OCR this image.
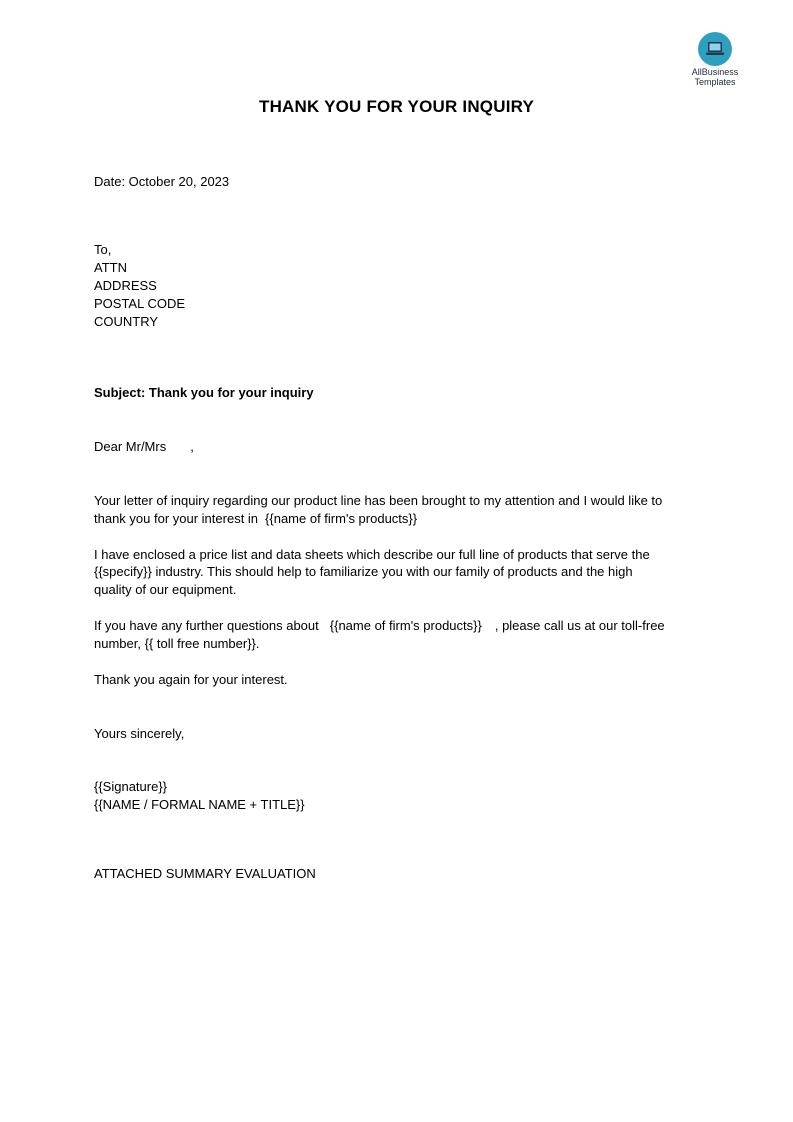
AllBusiness
Templates
THANK YOU FOR YOUR INQUIRY
Date: October 20, 2023
To,
ATTN
ADDRESS
POSTAL CODE
COUNTRY
Subject: Thank you for your inquiry
Dear Mr/Mrs ,
Your letter of inquiry regarding our product line has been brought to my attention and I would like to
thank you for your interest in {{name of firm's products}}
I have enclosed a price list and data sheets which describe our full line of products that serve the
{{specify}} industry. This should help to familiarize you with our family of products and the high
quality of our equipment.
If you have any further questions about {{name of firm's products}} , please call us at our toll-free
number, {{ toll free number}}.
Thank you again for your interest.
Yours sincerely,
{{Signature}}
{{NAME / FORMAL NAME + TITLE}}
ATTACHED SUMMARY EVALUATION
